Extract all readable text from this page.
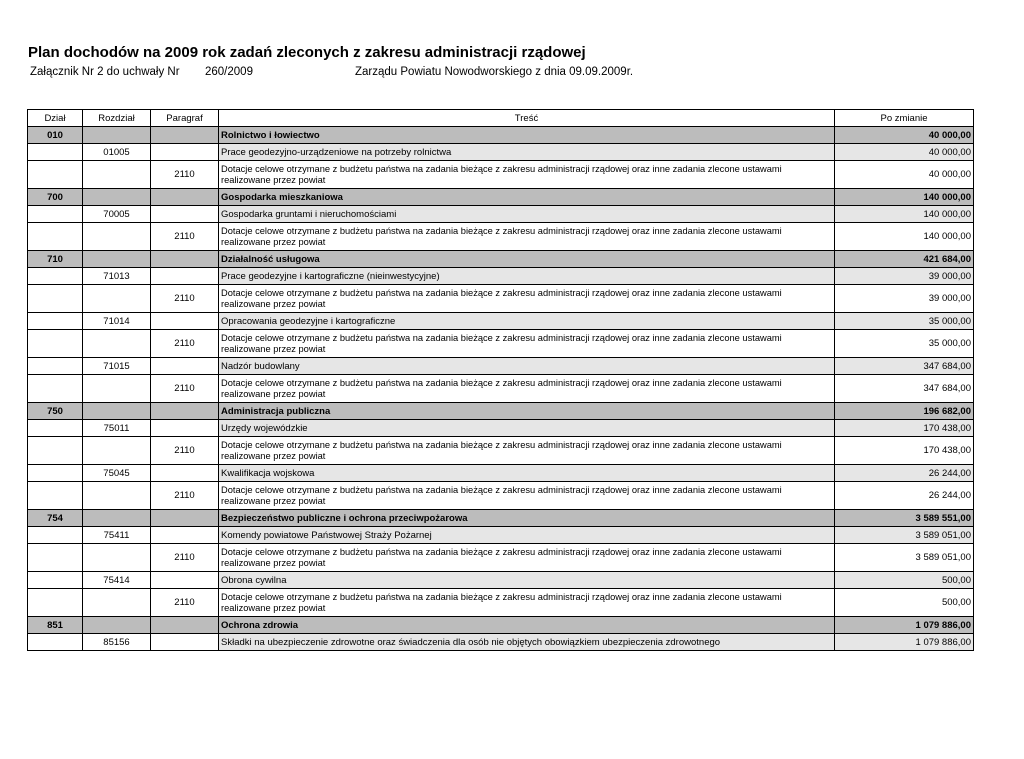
Plan dochodów na 2009 rok zadań zleconych z zakresu administracji rządowej
Załącznik Nr 2 do uchwały Nr 260/2009	Zarządu Powiatu Nowodworskiego z dnia 09.09.2009r.
Dział	Rozdział	Paragraf	Treść	Po zmianie
010			Rolnictwo i łowiectwo	40 000,00
	01005		Prace geodezyjno-urządzeniowe na potrzeby rolnictwa	40 000,00
		2110	Dotacje celowe otrzymane z budżetu państwa na zadania bieżące z zakresu administracji rządowej oraz inne zadania zlecone ustawami realizowane przez powiat	40 000,00
700			Gospodarka mieszkaniowa	140 000,00
	70005		Gospodarka gruntami i nieruchomościami	140 000,00
		2110	Dotacje celowe otrzymane z budżetu państwa na zadania bieżące z zakresu administracji rządowej oraz inne zadania zlecone ustawami realizowane przez powiat	140 000,00
710			Działalność usługowa	421 684,00
	71013		Prace geodezyjne i kartograficzne (nieinwestycyjne)	39 000,00
		2110	Dotacje celowe otrzymane z budżetu państwa na zadania bieżące z zakresu administracji rządowej oraz inne zadania zlecone ustawami realizowane przez powiat	39 000,00
	71014		Opracowania geodezyjne i kartograficzne	35 000,00
		2110	Dotacje celowe otrzymane z budżetu państwa na zadania bieżące z zakresu administracji rządowej oraz inne zadania zlecone ustawami realizowane przez powiat	35 000,00
	71015		Nadzór budowlany	347 684,00
		2110	Dotacje celowe otrzymane z budżetu państwa na zadania bieżące z zakresu administracji rządowej oraz inne zadania zlecone ustawami realizowane przez powiat	347 684,00
750			Administracja publiczna	196 682,00
	75011		Urzędy wojewódzkie	170 438,00
		2110	Dotacje celowe otrzymane z budżetu państwa na zadania bieżące z zakresu administracji rządowej oraz inne zadania zlecone ustawami realizowane przez powiat	170 438,00
	75045		Kwalifikacja wojskowa	26 244,00
		2110	Dotacje celowe otrzymane z budżetu państwa na zadania bieżące z zakresu administracji rządowej oraz inne zadania zlecone ustawami realizowane przez powiat	26 244,00
754			Bezpieczeństwo publiczne i ochrona przeciwpożarowa	3 589 551,00
	75411		Komendy powiatowe Państwowej Straży Pożarnej	3 589 051,00
		2110	Dotacje celowe otrzymane z budżetu państwa na zadania bieżące z zakresu administracji rządowej oraz inne zadania zlecone ustawami realizowane przez powiat	3 589 051,00
	75414		Obrona cywilna	500,00
		2110	Dotacje celowe otrzymane z budżetu państwa na zadania bieżące z zakresu administracji rządowej oraz inne zadania zlecone ustawami realizowane przez powiat	500,00
851			Ochrona zdrowia	1 079 886,00
	85156		Składki na ubezpieczenie zdrowotne oraz świadczenia dla osób nie objętych obowiązkiem ubezpieczenia zdrowotnego	1 079 886,00
